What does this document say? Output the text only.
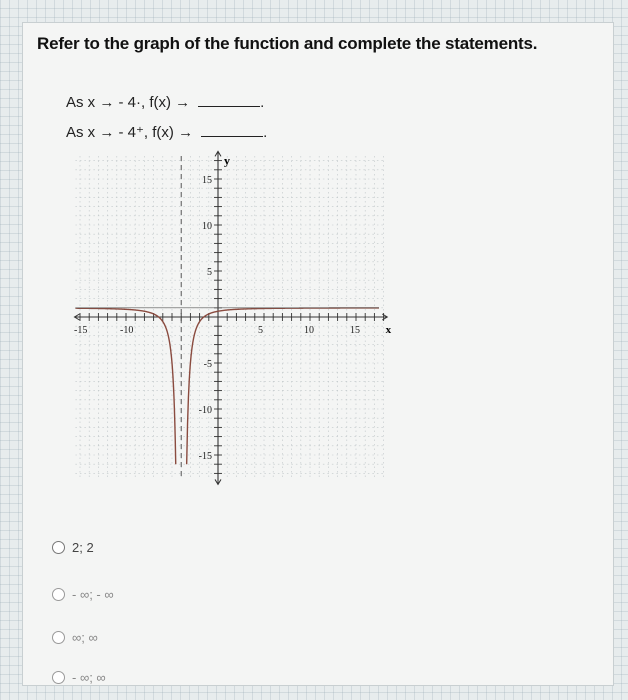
Refer to the graph of the function and complete the statements.
As x → - 4·, f(x) →	.
As x → - 4⁺, f(x) →	.
y
x
-15	-10	5	10	15
15
10
5
-5
-10
-15
2; 2
- ∞; - ∞
∞; ∞
- ∞; ∞
